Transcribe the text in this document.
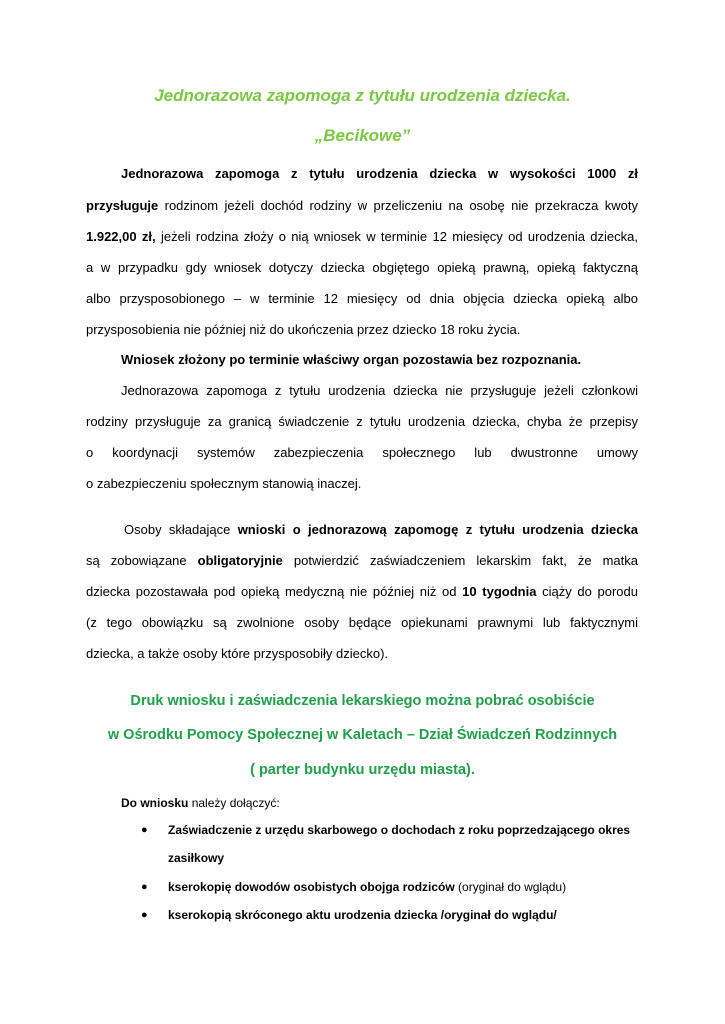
Jednorazowa zapomoga z tytułu urodzenia dziecka.
„Becikowe”
Jednorazowa zapomoga z tytułu urodzenia dziecka w wysokości 1000 zł
przysługuje rodzinom jeżeli dochód rodziny w przeliczeniu na osobę nie przekracza kwoty
1.922,00 zł, jeżeli rodzina złoży o nią wniosek w terminie 12 miesięcy od urodzenia dziecka,
a w przypadku gdy wniosek dotyczy dziecka obgiętego opieką prawną, opieką faktyczną
albo przysposobionego – w terminie 12 miesięcy od dnia objęcia dziecka opieką albo
przysposobienia nie później niż do ukończenia przez dziecko 18 roku życia.
Wniosek złożony po terminie właściwy organ pozostawia bez rozpoznania.
Jednorazowa zapomoga z tytułu urodzenia dziecka nie przysługuje jeżeli członkowi
rodziny przysługuje za granicą świadczenie z tytułu urodzenia dziecka, chyba że przepisy
o koordynacji systemów zabezpieczenia społecznego lub dwustronne umowy
o zabezpieczeniu społecznym stanowią inaczej.
Osoby składające wnioski o jednorazową zapomogę z tytułu urodzenia dziecka
są zobowiązane obligatoryjnie potwierdzić zaświadczeniem lekarskim fakt, że matka
dziecka pozostawała pod opieką medyczną nie później niż od 10 tygodnia ciąży do porodu
(z tego obowiązku są zwolnione osoby będące opiekunami prawnymi lub faktycznymi
dziecka, a także osoby które przysposobiły dziecko).
Druk wniosku i zaświadczenia lekarskiego można pobrać osobiście
w Ośrodku Pomocy Społecznej w Kaletach – Dział Świadczeń Rodzinnych
( parter budynku urzędu miasta).
Do wniosku należy dołączyć:
● Zaświadczenie z urzędu skarbowego o dochodach z roku poprzedzającego okres
zasiłkowy
● kserokopię dowodów osobistych obojga rodziców (oryginał do wglądu)
● kserokopią skróconego aktu urodzenia dziecka /oryginał do wglądu/
